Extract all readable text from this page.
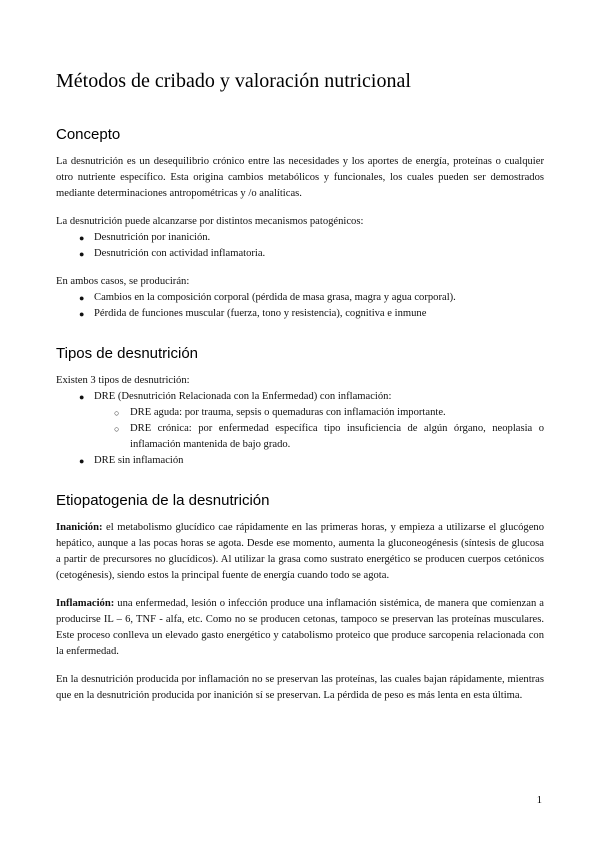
Métodos de cribado y valoración nutricional
Concepto

La desnutrición es un desequilibrio crónico entre las necesidades y los aportes de energía, proteínas o cualquier otro nutriente específico. Esta origina cambios metabólicos y funcionales, los cuales pueden ser demostrados mediante determinaciones antropométricas y /o analíticas.

La desnutrición puede alcanzarse por distintos mecanismos patogénicos:

● Desnutrición por inanición.
● Desnutrición con actividad inflamatoria.

En ambos casos, se producirán:

● Cambios en la composición corporal (pérdida de masa grasa, magra y agua corporal).
● Pérdida de funciones muscular (fuerza, tono y resistencia), cognitiva e inmune
Tipos de desnutrición

Existen 3 tipos de desnutrición:

● DRE (Desnutrición Relacionada con la Enfermedad) con inflamación:
○ DRE aguda: por trauma, sepsis o quemaduras con inflamación importante.
○ DRE crónica: por enfermedad específica tipo insuficiencia de algún órgano, neoplasia o inflamación mantenida de bajo grado.
● DRE sin inflamación
Etiopatogenia de la desnutrición

Inanición: el metabolismo glucídico cae rápidamente en las primeras horas, y empieza a utilizarse el glucógeno hepático, aunque a las pocas horas se agota. Desde ese momento, aumenta la gluconeogénesis (síntesis de glucosa a partir de precursores no glucídicos). Al utilizar la grasa como sustrato energético se producen cuerpos cetónicos (cetogénesis), siendo estos la principal fuente de energía cuando todo se agota.

Inflamación: una enfermedad, lesión o infección produce una inflamación sistémica, de manera que comienzan a producirse IL – 6, TNF - alfa, etc. Como no se producen cetonas, tampoco se preservan las proteínas musculares. Este proceso conlleva un elevado gasto energético y catabolismo proteico que produce sarcopenia relacionada con la enfermedad.

En la desnutrición producida por inflamación no se preservan las proteínas, las cuales bajan rápidamente, mientras que en la desnutrición producida por inanición sí se preservan. La pérdida de peso es más lenta en esta última.

1
